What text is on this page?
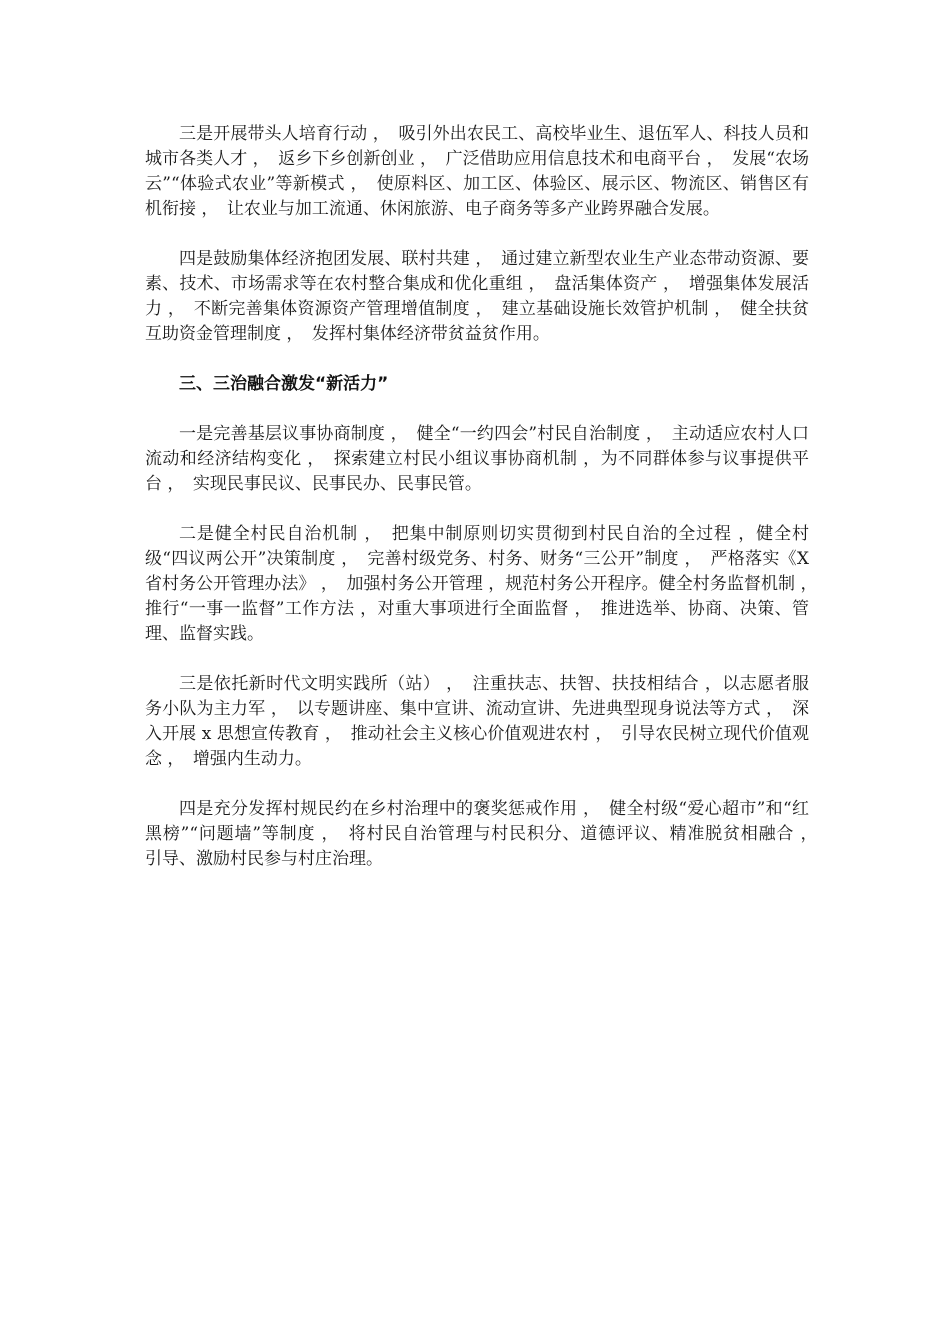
三是开展带头人培育行动 ，　吸引外出农民工、高校毕业生、退伍军人、科技人员和城市各类人才 ，　返乡下乡创新创业 ，　广泛借助应用信息技术和电商平台 ，　发展“农场云”“体验式农业”等新模式 ，　使原料区、加工区、体验区、展示区、物流区、销售区有机衔接 ，　让农业与加工流通、休闲旅游、电子商务等多产业跨界融合发展。

四是鼓励集体经济抱团发展、联村共建 ，　通过建立新型农业生产业态带动资源、要素、技术、市场需求等在农村整合集成和优化重组 ，　盘活集体资产 ，　增强集体发展活力 ，　不断完善集体资源资产管理增值制度 ，　建立基础设施长效管护机制 ，　健全扶贫互助资金管理制度 ，　发挥村集体经济带贫益贫作用。

三、三治融合激发“新活力”

一是完善基层议事协商制度 ，　健全“一约四会”村民自治制度 ，　主动适应农村人口流动和经济结构变化 ，　探索建立村民小组议事协商机制 ，为不同群体参与议事提供平台 ，　实现民事民议、民事民办、民事民管。

二是健全村民自治机制 ，　把集中制原则切实贯彻到村民自治的全过程 ，健全村级“四议两公开”决策制度 ，　完善村级党务、村务、财务“三公开”制度 ，　严格落实《X 省村务公开管理办法》 ，　加强村务公开管理 ，规范村务公开程序。健全村务监督机制 ，　推行“一事一监督”工作方法 ，对重大事项进行全面监督 ，　推进选举、协商、决策、管理、监督实践。

三是依托新时代文明实践所（站） ，　注重扶志、扶智、扶技相结合 ，以志愿者服务小队为主力军 ，　以专题讲座、集中宣讲、流动宣讲、先进典型现身说法等方式 ，　深入开展 x 思想宣传教育 ，　推动社会主义核心价值观进农村 ，　引导农民树立现代价值观念 ，　增强内生动力。

四是充分发挥村规民约在乡村治理中的褒奖惩戒作用 ，　健全村级“爱心超市”和“红黑榜”“问题墙”等制度 ，　将村民自治管理与村民积分、道德评议、精准脱贫相融合 ，　引导、激励村民参与村庄治理。
